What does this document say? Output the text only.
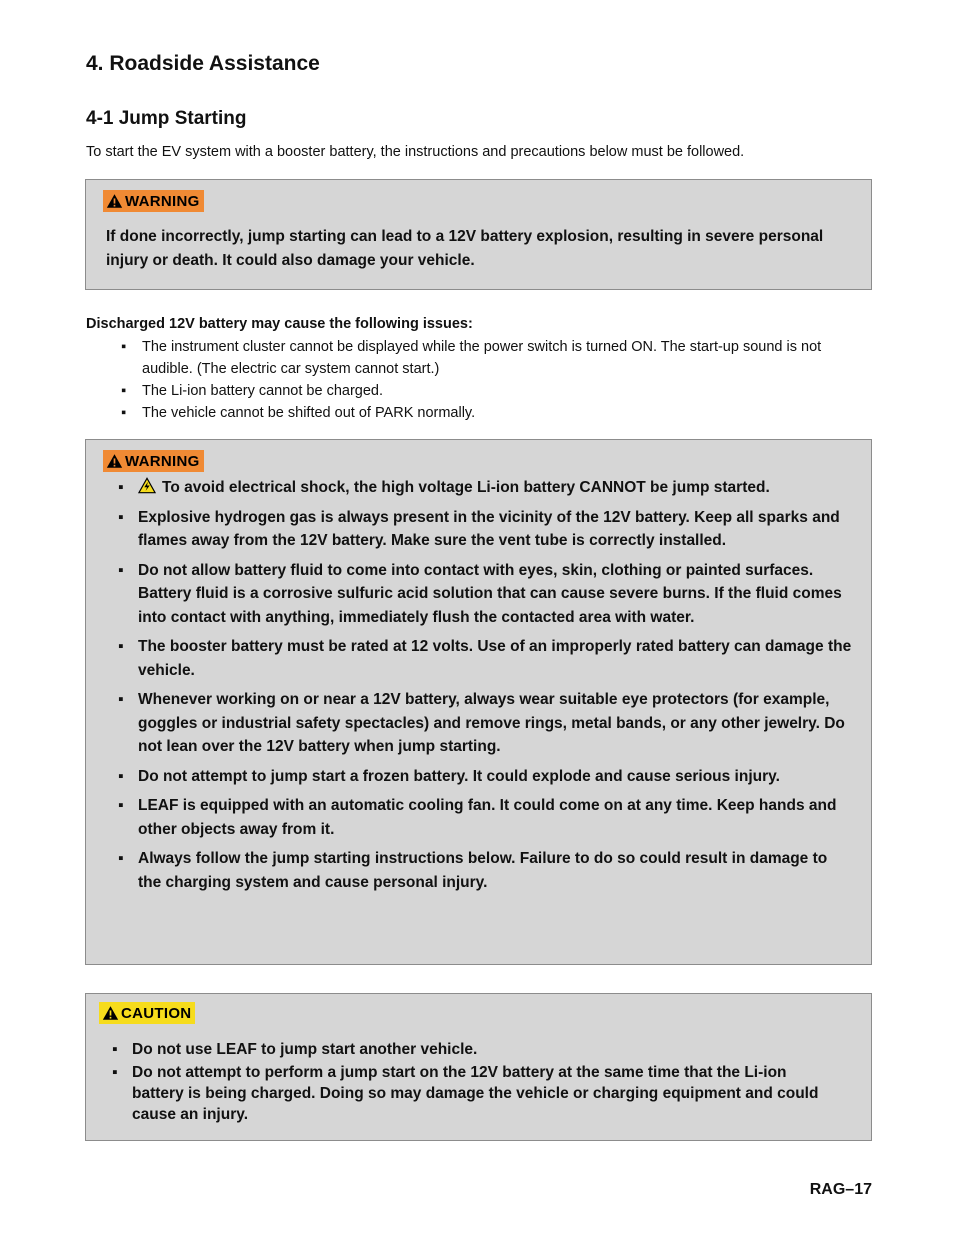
4. Roadside Assistance
4-1 Jump Starting

To start the EV system with a booster battery, the instructions and precautions below must be followed.

WARNING

If done incorrectly, jump starting can lead to a 12V battery explosion, resulting in severe personal injury or death. It could also damage your vehicle.

Discharged 12V battery may cause the following issues:

▪ The instrument cluster cannot be displayed while the power switch is turned ON. The start-up sound is not audible. (The electric car system cannot start.)
▪ The Li-ion battery cannot be charged.
▪ The vehicle cannot be shifted out of PARK normally.
WARNING
▪ To avoid electrical shock, the high voltage Li-ion battery CANNOT be jump started.
▪ Explosive hydrogen gas is always present in the vicinity of the 12V battery. Keep all sparks and flames away from the 12V battery. Make sure the vent tube is correctly installed.
▪ Do not allow battery fluid to come into contact with eyes, skin, clothing or painted surfaces. Battery fluid is a corrosive sulfuric acid solution that can cause severe burns. If the fluid comes into contact with anything, immediately flush the contacted area with water.
▪ The booster battery must be rated at 12 volts. Use of an improperly rated battery can damage the vehicle.
▪ Whenever working on or near a 12V battery, always wear suitable eye protectors (for example, goggles or industrial safety spectacles) and remove rings, metal bands, or any other jewelry. Do not lean over the 12V battery when jump starting.
▪ Do not attempt to jump start a frozen battery. It could explode and cause serious injury.
▪ LEAF is equipped with an automatic cooling fan. It could come on at any time. Keep hands and other objects away from it.
▪ Always follow the jump starting instructions below. Failure to do so could result in damage to the charging system and cause personal injury.
CAUTION
▪ Do not use LEAF to jump start another vehicle.
▪ Do not attempt to perform a jump start on the 12V battery at the same time that the Li-ion battery is being charged. Doing so may damage the vehicle or charging equipment and could cause an injury.

RAG–17
